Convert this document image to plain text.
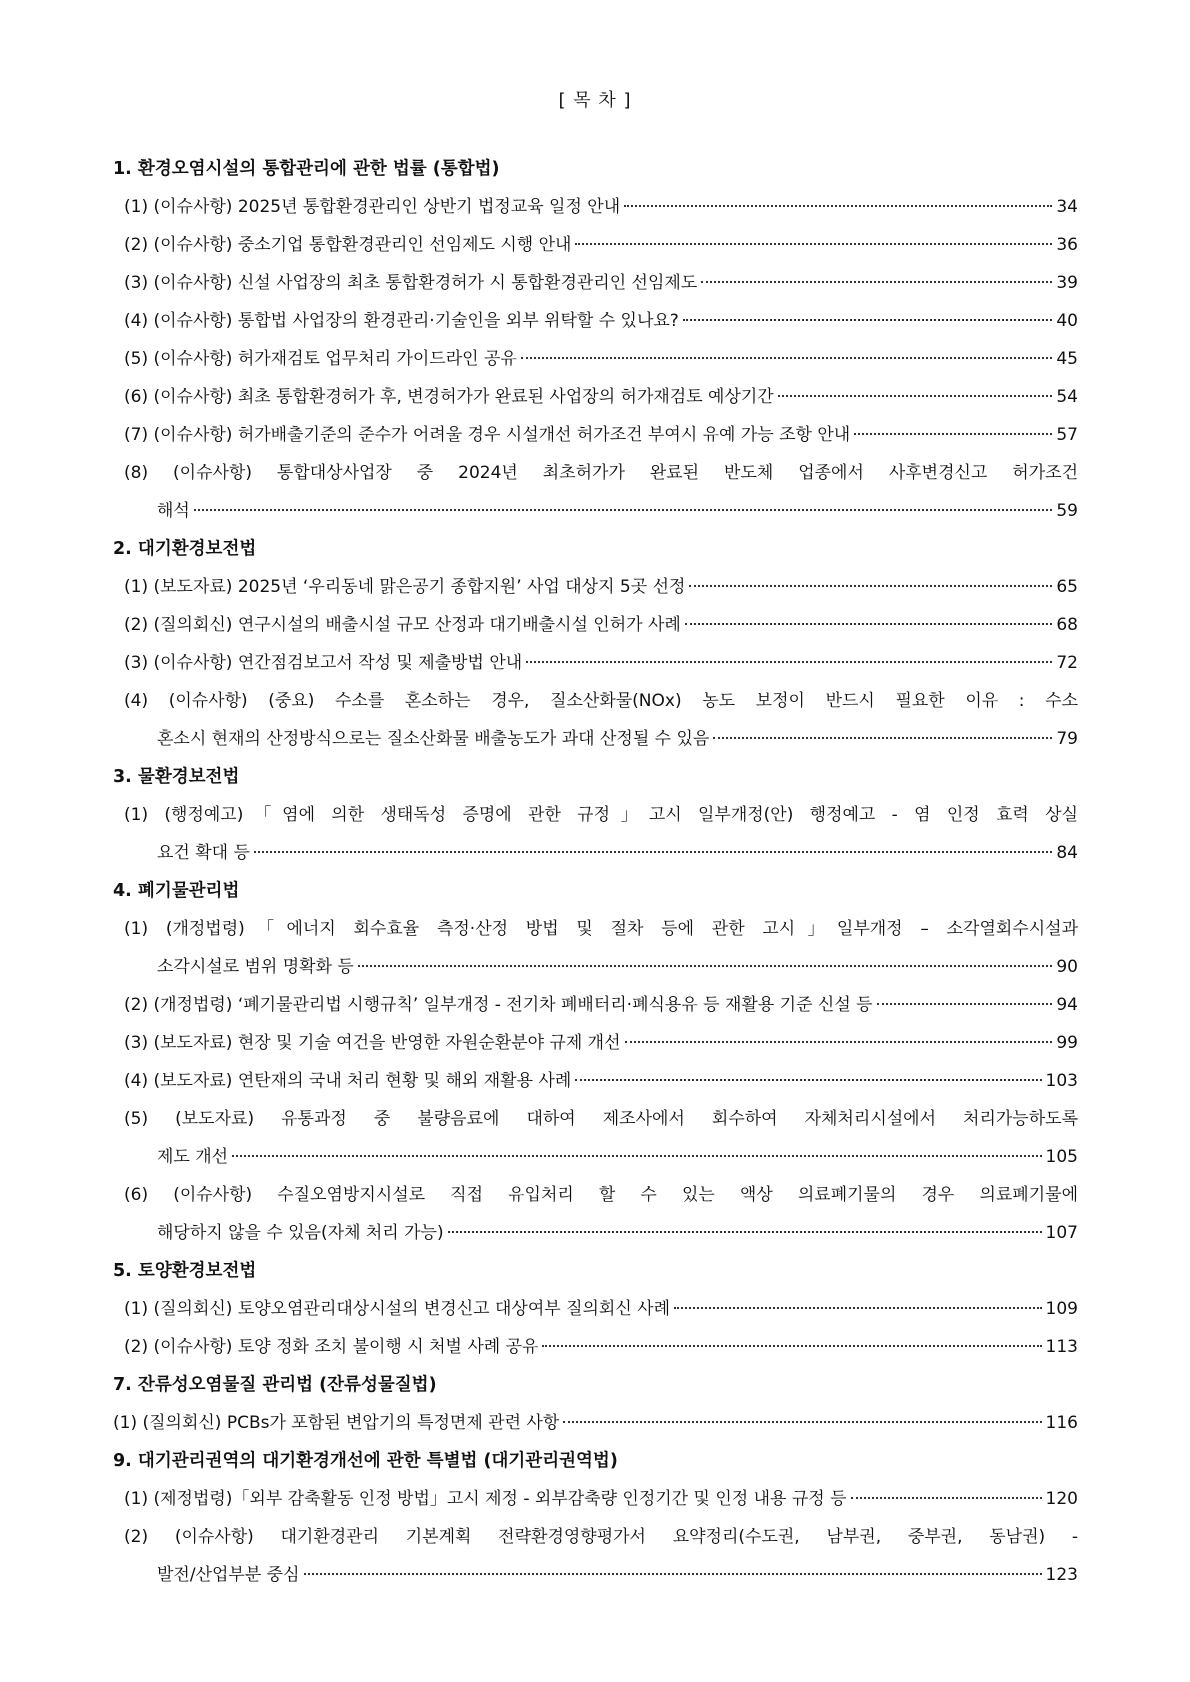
[ 목 차 ]
1. 환경오염시설의 통합관리에 관한 법률 (통합법)
(1) (이슈사항) 2025년 통합환경관리인 상반기 법정교육 일정 안내	34
(2) (이슈사항) 중소기업 통합환경관리인 선임제도 시행 안내	36
(3) (이슈사항) 신설 사업장의 최초 통합환경허가 시 통합환경관리인 선임제도	39
(4) (이슈사항) 통합법 사업장의 환경관리·기술인을 외부 위탁할 수 있나요?	40
(5) (이슈사항) 허가재검토 업무처리 가이드라인 공유	45
(6) (이슈사항) 최초 통합환경허가 후, 변경허가가 완료된 사업장의 허가재검토 예상기간	54
(7) (이슈사항) 허가배출기준의 준수가 어려울 경우 시설개선 허가조건 부여시 유예 가능 조항 안내	57
(8) (이슈사항) 통합대상사업장 중 2024년 최초허가가 완료된 반도체 업종에서 사후변경신고 허가조건
해석	59
2. 대기환경보전법
(1) (보도자료) 2025년 ‘우리동네 맑은공기 종합지원’ 사업 대상지 5곳 선정	65
(2) (질의회신) 연구시설의 배출시설 규모 산정과 대기배출시설 인허가 사례	68
(3) (이슈사항) 연간점검보고서 작성 및 제출방법 안내	72
(4) (이슈사항) (중요) 수소를 혼소하는 경우, 질소산화물(NOx) 농도 보정이 반드시 필요한 이유 : 수소
혼소시 현재의 산정방식으로는 질소산화물 배출농도가 과대 산정될 수 있음	79
3. 물환경보전법
(1) (행정예고)「염에 의한 생태독성 증명에 관한 규정」고시 일부개정(안) 행정예고 - 염 인정 효력 상실
요건 확대 등	84
4. 폐기물관리법
(1) (개정법령)「에너지 회수효율 측정·산정 방법 및 절차 등에 관한 고시」일부개정 – 소각열회수시설과
소각시설로 범위 명확화 등	90
(2) (개정법령) ‘폐기물관리법 시행규칙’ 일부개정 - 전기차 폐배터리·폐식용유 등 재활용 기준 신설 등	94
(3) (보도자료) 현장 및 기술 여건을 반영한 자원순환분야 규제 개선	99
(4) (보도자료) 연탄재의 국내 처리 현황 및 해외 재활용 사례	103
(5) (보도자료) 유통과정 중 불량음료에 대하여 제조사에서 회수하여 자체처리시설에서 처리가능하도록
제도 개선	105
(6) (이슈사항) 수질오염방지시설로 직접 유입처리 할 수 있는 액상 의료폐기물의 경우 의료폐기물에
해당하지 않을 수 있음(자체 처리 가능)	107
5. 토양환경보전법
(1) (질의회신) 토양오염관리대상시설의 변경신고 대상여부 질의회신 사례	109
(2) (이슈사항) 토양 정화 조치 불이행 시 처벌 사례 공유	113
7. 잔류성오염물질 관리법 (잔류성물질법)
(1) (질의회신) PCBs가 포함된 변압기의 특정면제 관련 사항	116
9. 대기관리권역의 대기환경개선에 관한 특별법 (대기관리권역법)
(1) (제정법령)「외부 감축활동 인정 방법」고시 제정 - 외부감축량 인정기간 및 인정 내용 규정 등	120
(2) (이슈사항) 대기환경관리 기본계획 전략환경영향평가서 요약정리(수도권, 남부권, 중부권, 동남권) -
발전/산업부분 중심	123
